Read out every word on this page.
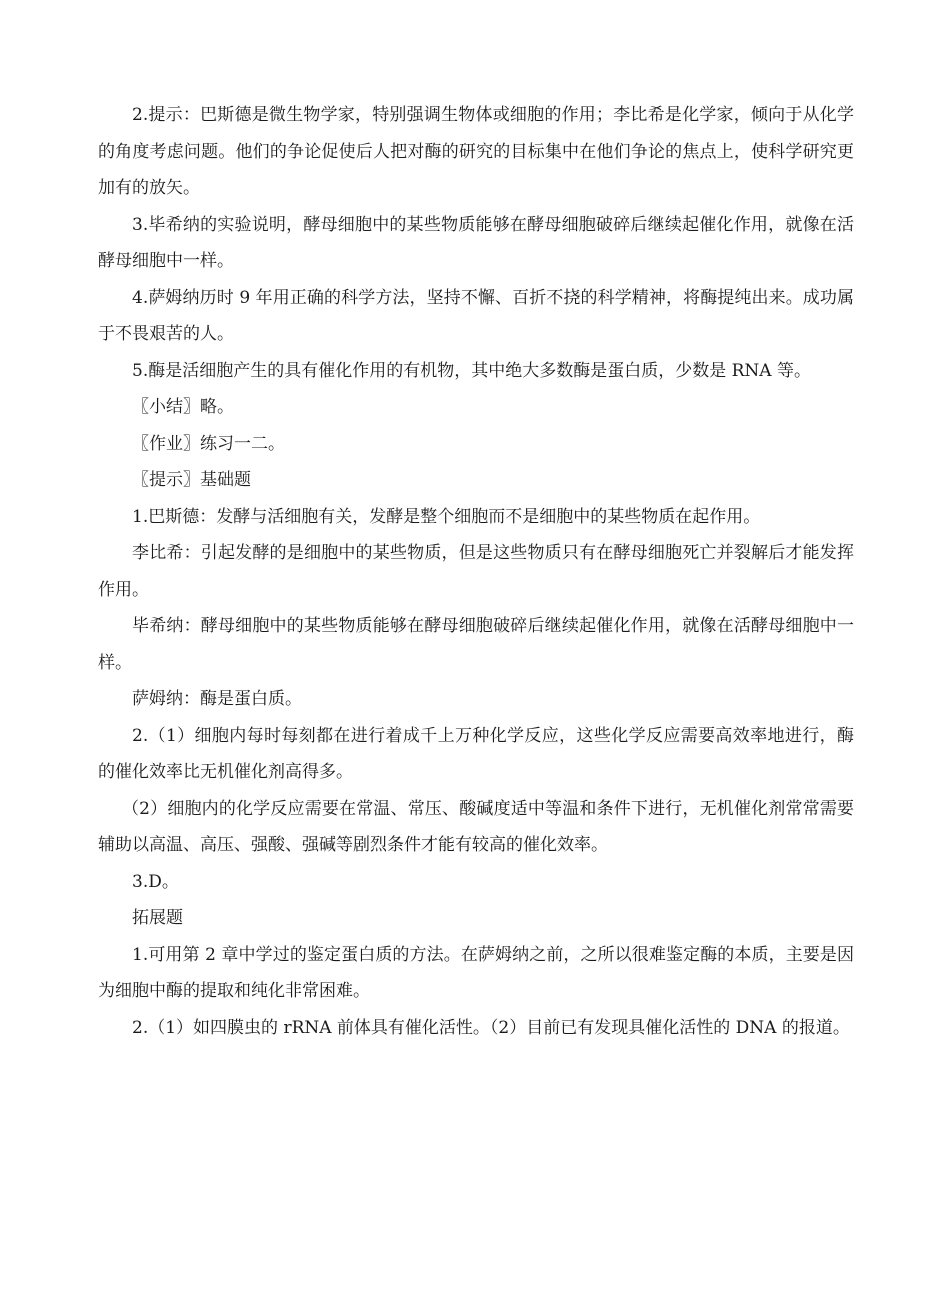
2.提示：巴斯德是微生物学家，特别强调生物体或细胞的作用；李比希是化学家，倾向于从化学的角度考虑问题。他们的争论促使后人把对酶的研究的目标集中在他们争论的焦点上，使科学研究更加有的放矢。

3.毕希纳的实验说明，酵母细胞中的某些物质能够在酵母细胞破碎后继续起催化作用，就像在活酵母细胞中一样。

4.萨姆纳历时 9 年用正确的科学方法，坚持不懈、百折不挠的科学精神，将酶提纯出来。成功属于不畏艰苦的人。

5.酶是活细胞产生的具有催化作用的有机物，其中绝大多数酶是蛋白质，少数是 RNA 等。

〖小结〗略。

〖作业〗练习一二。

〖提示〗基础题

1.巴斯德：发酵与活细胞有关，发酵是整个细胞而不是细胞中的某些物质在起作用。

李比希：引起发酵的是细胞中的某些物质，但是这些物质只有在酵母细胞死亡并裂解后才能发挥作用。

毕希纳：酵母细胞中的某些物质能够在酵母细胞破碎后继续起催化作用，就像在活酵母细胞中一样。

萨姆纳：酶是蛋白质。

2.（1）细胞内每时每刻都在进行着成千上万种化学反应，这些化学反应需要高效率地进行，酶的催化效率比无机催化剂高得多。

（2）细胞内的化学反应需要在常温、常压、酸碱度适中等温和条件下进行，无机催化剂常常需要辅助以高温、高压、强酸、强碱等剧烈条件才能有较高的催化效率。

3.D。

拓展题

1.可用第 2 章中学过的鉴定蛋白质的方法。在萨姆纳之前，之所以很难鉴定酶的本质，主要是因为细胞中酶的提取和纯化非常困难。

2.（1）如四膜虫的 rRNA 前体具有催化活性。（2）目前已有发现具催化活性的 DNA 的报道。
